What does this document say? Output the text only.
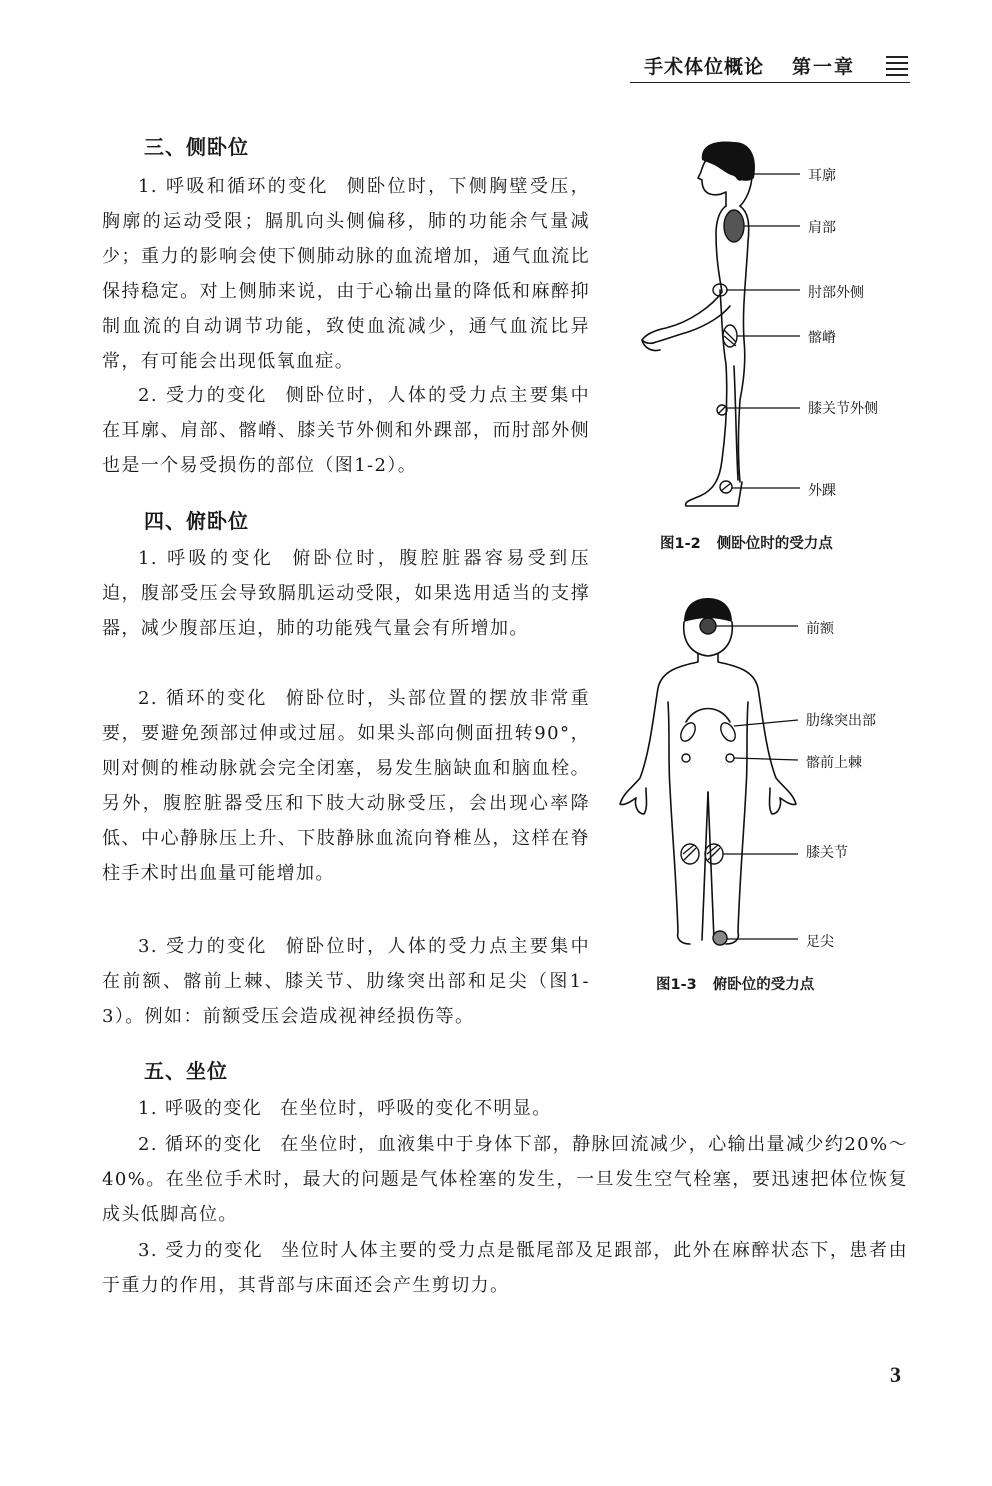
手术体位概论 第一章
三、侧卧位

1. 呼吸和循环的变化 侧卧位时，下侧胸壁受压，胸廓的运动受限；膈肌向头侧偏移，肺的功能余气量减少；重力的影响会使下侧肺动脉的血流增加，通气血流比保持稳定。对上侧肺来说，由于心输出量的降低和麻醉抑制血流的自动调节功能，致使血流减少，通气血流比异常，有可能会出现低氧血症。

2. 受力的变化 侧卧位时，人体的受力点主要集中在耳廓、肩部、髂嵴、膝关节外侧和外踝部，而肘部外侧也是一个易受损伤的部位（图1-2）。

四、俯卧位

1. 呼吸的变化 俯卧位时，腹腔脏器容易受到压迫，腹部受压会导致膈肌运动受限，如果选用适当的支撑器，减少腹部压迫，肺的功能残气量会有所增加。

2. 循环的变化 俯卧位时，头部位置的摆放非常重要，要避免颈部过伸或过屈。如果头部向侧面扭转90°，则对侧的椎动脉就会完全闭塞，易发生脑缺血和脑血栓。另外，腹腔脏器受压和下肢大动脉受压，会出现心率降低、中心静脉压上升、下肢静脉血流向脊椎丛，这样在脊柱手术时出血量可能增加。

3. 受力的变化 俯卧位时，人体的受力点主要集中在前额、髂前上棘、膝关节、肋缘突出部和足尖（图1-3）。例如：前额受压会造成视神经损伤等。

五、坐位

1. 呼吸的变化 在坐位时，呼吸的变化不明显。

2. 循环的变化 在坐位时，血液集中于身体下部，静脉回流减少，心输出量减少约20%～40%。在坐位手术时，最大的问题是气体栓塞的发生，一旦发生空气栓塞，要迅速把体位恢复成头低脚高位。

3. 受力的变化 坐位时人体主要的受力点是骶尾部及足跟部，此外在麻醉状态下，患者由于重力的作用，其背部与床面还会产生剪切力。

耳廓
肩部
肘部外侧
髂嵴
膝关节外侧
外踝
图1-2 侧卧位时的受力点
前额
肋缘突出部
髂前上棘
膝关节
足尖
图1-3 俯卧位的受力点
3
